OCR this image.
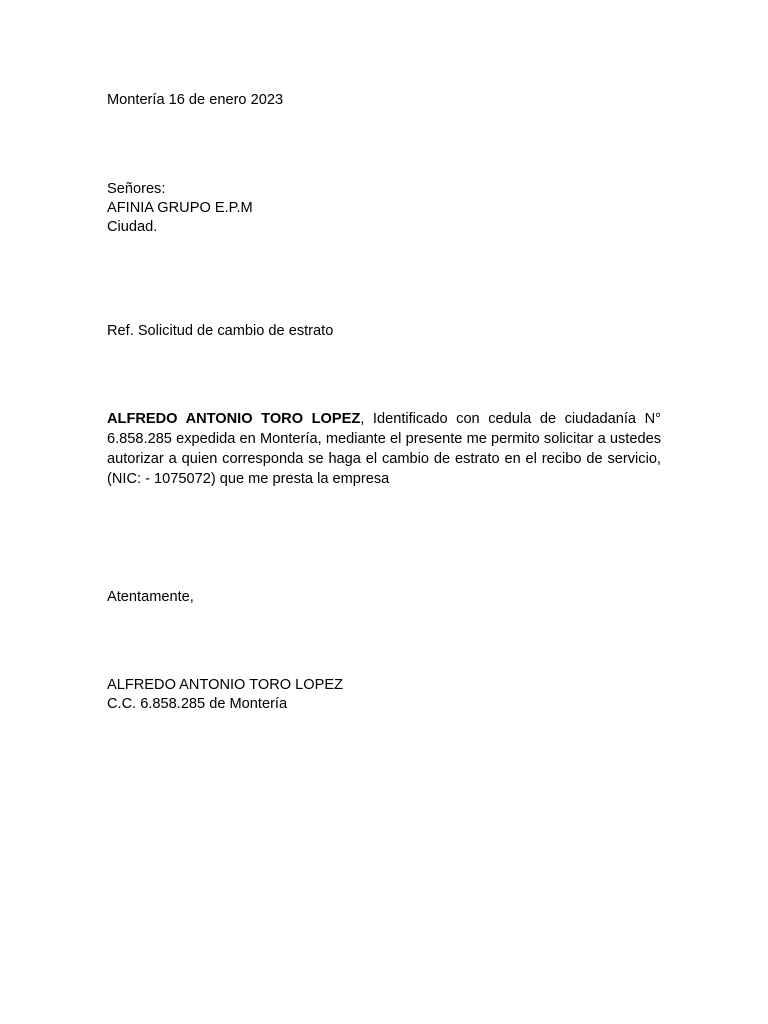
Montería 16 de enero 2023
Señores:
AFINIA GRUPO E.P.M
Ciudad.
Ref. Solicitud de cambio de estrato
ALFREDO ANTONIO TORO LOPEZ, Identificado con cedula de ciudadanía N° 6.858.285 expedida en Montería, mediante el presente me permito solicitar a ustedes autorizar a quien corresponda se haga el cambio de estrato en el recibo de servicio, (NIC: - 1075072) que me presta la empresa
Atentamente,
ALFREDO ANTONIO TORO LOPEZ
C.C. 6.858.285 de Montería
